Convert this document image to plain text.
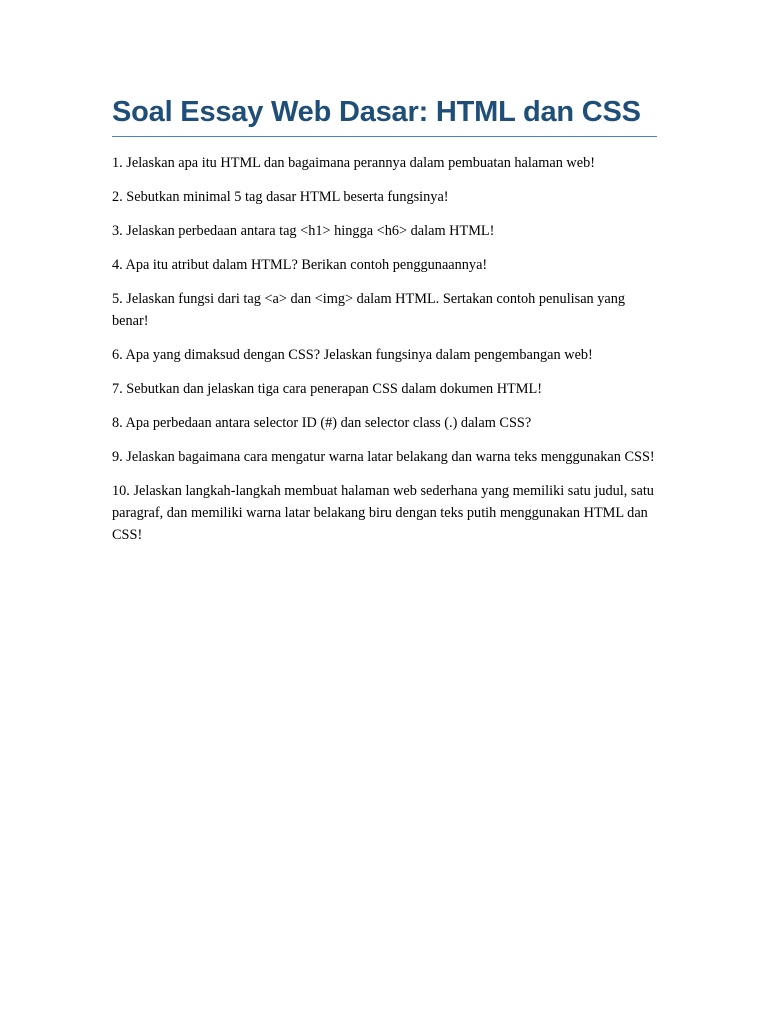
Soal Essay Web Dasar: HTML dan CSS
1. Jelaskan apa itu HTML dan bagaimana perannya dalam pembuatan halaman web!
2. Sebutkan minimal 5 tag dasar HTML beserta fungsinya!
3. Jelaskan perbedaan antara tag <h1> hingga <h6> dalam HTML!
4. Apa itu atribut dalam HTML? Berikan contoh penggunaannya!
5. Jelaskan fungsi dari tag <a> dan <img> dalam HTML. Sertakan contoh penulisan yang benar!
6. Apa yang dimaksud dengan CSS? Jelaskan fungsinya dalam pengembangan web!
7. Sebutkan dan jelaskan tiga cara penerapan CSS dalam dokumen HTML!
8. Apa perbedaan antara selector ID (#) dan selector class (.) dalam CSS?
9. Jelaskan bagaimana cara mengatur warna latar belakang dan warna teks menggunakan CSS!
10. Jelaskan langkah-langkah membuat halaman web sederhana yang memiliki satu judul, satu paragraf, dan memiliki warna latar belakang biru dengan teks putih menggunakan HTML dan CSS!
